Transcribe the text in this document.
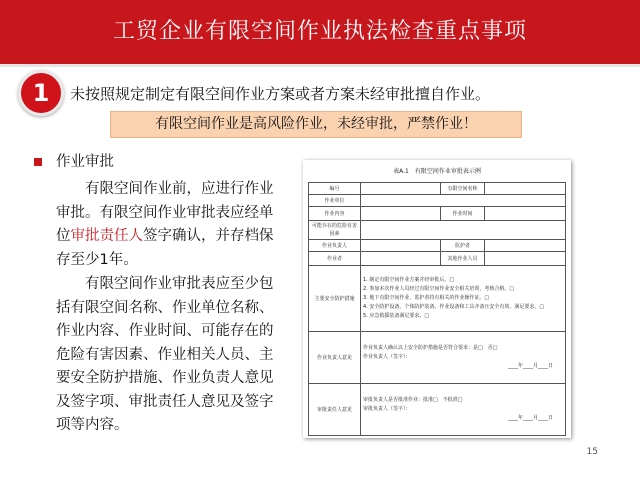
工贸企业有限空间作业执法检查重点事项
1	未按照规定制定有限空间作业方案或者方案未经审批擅自作业。
有限空间作业是高风险作业，未经审批，严禁作业！
作业审批
有限空间作业前，应进行作业审批。有限空间作业审批表应经单位审批责任人签字确认，并存档保存至少1年。
有限空间作业审批表应至少包括有限空间名称、作业单位名称、作业内容、作业时间、可能存在的危险有害因素、作业相关人员、主要安全防护措施、作业负责人意见及签字项、审批责任人意见及签字项等内容。
表A.1　有限空间作业审批表示例
编号		有限空间名称	
作业单位			
作业内容		作业时间	
可能存在的危险有害因素			
作业负责人		监护者	
作业者		其他作业人员	
主要安全防护措施	1. 制定有限空间作业方案并经审批后。□
2. 参加本次作业人员经过有限空间作业安全相关培训，考核合格。□
3. 地下有限空间作业，监护者持有相关的作业操作证。□
4. 安全防护设备、个体防护装备、作业设备和工具齐备且安全有效，满足要求。□
5. 应急救援装备满足要求。□		

作业负责人意见	作业负责人确认以上安全防护措施是否符合要求：是□　否□
作业负责人（签字）：
____年____月____日		

审批责任人意见	审批负责人是否批准作业：批准□　不批准□
审批负责人（签字）：
____年____月____日		
15
